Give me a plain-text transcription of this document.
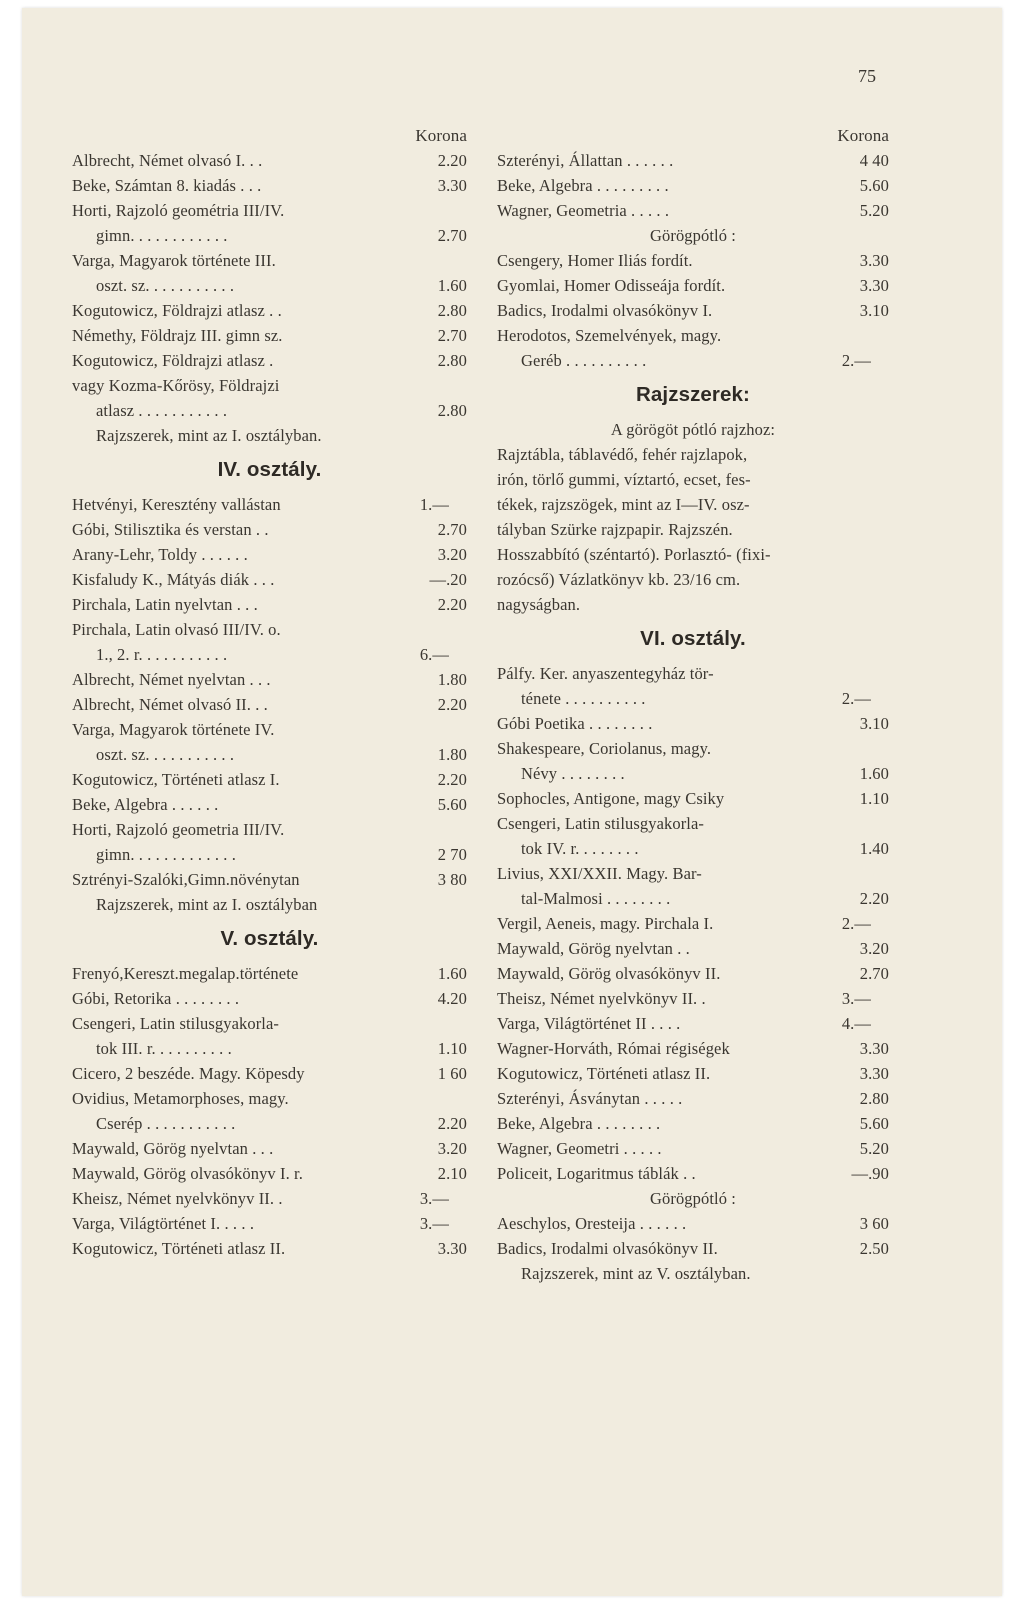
75
Korona
Albrecht, Német olvasó I. . .	2.20
Beke, Számtan 8. kiadás . . .	3.30
Horti, Rajzoló geométria III/IV.
gimn. . . . . . . . . . . .	2.70
Varga, Magyarok története III.
oszt. sz. . . . . . . . . . .	1.60
Kogutowicz, Földrajzi atlasz . .	2.80
Némethy, Földrajz III. gimn sz.	2.70
Kogutowicz, Földrajzi atlasz .	2.80
vagy Kozma-Kőrösy, Földrajzi
atlasz . . . . . . . . . . .	2.80
Rajzszerek, mint az I. osztályban.
IV. osztály.
Hetvényi, Keresztény vallástan	1.—
Góbi, Stilisztika és verstan . .	2.70
Arany-Lehr, Toldy . . . . . .	3.20
Kisfaludy K., Mátyás diák . . .	—.20
Pirchala, Latin nyelvtan . . .	2.20
Pirchala, Latin olvasó III/IV. o.
1., 2. r. . . . . . . . . . .	6.—
Albrecht, Német nyelvtan . . .	1.80
Albrecht, Német olvasó II. . .	2.20
Varga, Magyarok története IV.
oszt. sz. . . . . . . . . . .	1.80
Kogutowicz, Történeti atlasz I.	2.20
Beke, Algebra . . . . . .	5.60
Horti, Rajzoló geometria III/IV.
gimn. . . . . . . . . . . . .	2 70
Sztrényi-Szalóki,Gimn.növénytan	3 80
Rajzszerek, mint az I. osztályban
V. osztály.
Frenyó,Kereszt.megalap.története	1.60
Góbi, Retorika . . . . . . . .	4.20
Csengeri, Latin stilusgyakorla-
tok III. r. . . . . . . . . .	1.10
Cicero, 2 beszéde. Magy. Köpesdy	1 60
Ovidius, Metamorphoses, magy.
Cserép . . . . . . . . . . .	2.20
Maywald, Görög nyelvtan . . .	3.20
Maywald, Görög olvasókönyv I. r.	2.10
Kheisz, Német nyelvkönyv II. .	3.—
Varga, Világtörténet I. . . . .	3.—
Kogutowicz, Történeti atlasz II.	3.30
Korona
Szterényi, Állattan . . . . . .	4 40
Beke, Algebra . . . . . . . . .	5.60
Wagner, Geometria . . . . .	5.20
Görögpótló :
Csengery, Homer Iliás fordít.	3.30
Gyomlai, Homer Odisseája fordít.	3.30
Badics, Irodalmi olvasókönyv I.	3.10
Herodotos, Szemelvények, magy.
Geréb . . . . . . . . . .	2.—
Rajzszerek:
A görögöt pótló rajzhoz:
Rajztábla, táblavédő, fehér rajzlapok,
irón, törlő gummi, víztartó, ecset, fes-
tékek, rajzszögek, mint az I—IV. osz-
tályban Szürke rajzpapir. Rajzszén.
Hosszabbító (széntartó). Porlasztó- (fixi-
rozócső) Vázlatkönyv kb. 23/16 cm.
nagyságban.
VI. osztály.
Pálfy. Ker. anyaszentegyház tör-
ténete . . . . . . . . . .	2.—
Góbi Poetika . . . . . . . .	3.10
Shakespeare, Coriolanus, magy.
Névy . . . . . . . .	1.60
Sophocles, Antigone, magy Csiky	1.10
Csengeri, Latin stilusgyakorla-
tok IV. r. . . . . . . .	1.40
Livius, XXI/XXII. Magy. Bar-
tal-Malmosi . . . . . . . .	2.20
Vergil, Aeneis, magy. Pirchala I.	2.—
Maywald, Görög nyelvtan . .	3.20
Maywald, Görög olvasókönyv II.	2.70
Theisz, Német nyelvkönyv II. .	3.—
Varga, Világtörténet II . . . .	4.—
Wagner-Horváth, Római régiségek	3.30
Kogutowicz, Történeti atlasz II.	3.30
Szterényi, Ásványtan . . . . .	2.80
Beke, Algebra . . . . . . . .	5.60
Wagner, Geometri . . . . .	5.20
Policeit, Logaritmus táblák . .	—.90
Görögpótló :
Aeschylos, Oresteija . . . . . .	3 60
Badics, Irodalmi olvasókönyv II.	2.50
Rajzszerek, mint az V. osztályban.
